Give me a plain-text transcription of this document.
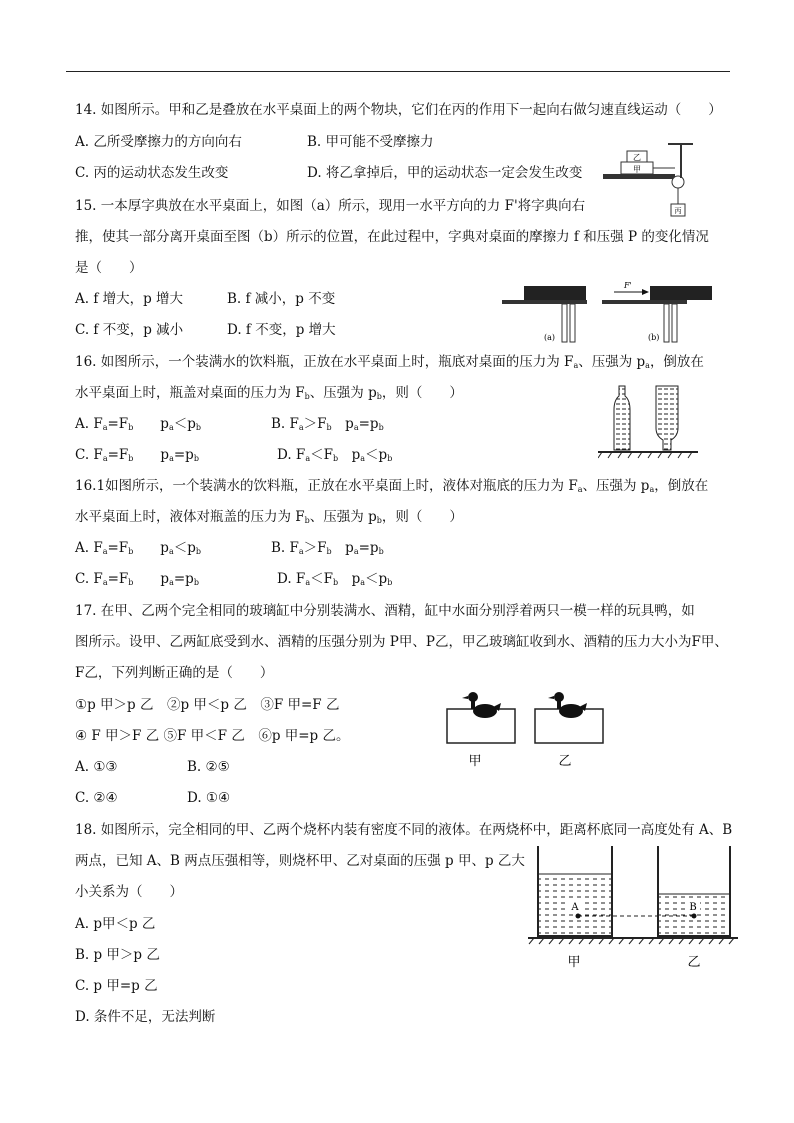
14. 如图所示。甲和乙是叠放在水平桌面上的两个物块，它们在丙的作用下一起向右做匀速直线运动（　　）
A. 乙所受摩擦力的方向向右	B. 甲可能不受摩擦力
C. 丙的运动状态发生改变	D. 将乙拿掉后，甲的运动状态一定会发生改变
乙
甲
丙
15. 一本厚字典放在水平桌面上，如图（a）所示，现用一水平方向的力 F'将字典向右
推，使其一部分离开桌面至图（b）所示的位置，在此过程中，字典对桌面的摩擦力 f 和压强 P 的变化情况
是（　　）
A. f 增大，p 增大	B. f 减小，p 不变
C. f 不变，p 减小	D. f 不变，p 增大	(a)
F'
(b)
16. 如图所示，一个装满水的饮料瓶，正放在水平桌面上时，瓶底对桌面的压力为 $F_a$、压强为 $p_a$，倒放在
水平桌面上时，瓶盖对桌面的压力为 $F_b$、压强为 $p_b$，则（　　）
A. $F_a=F_b$　　$p_a<p_b$	B. $F_a>F_b$　$p_a=p_b$
C. $F_a=F_b$　　$p_a=p_b$	D. $F_a<F_b$　$p_a<p_b$
16.1如图所示，一个装满水的饮料瓶，正放在水平桌面上时，液体对瓶底的压力为 $F_a$、压强为 $p_a$，倒放在
水平桌面上时，液体对瓶盖的压力为 $F_b$、压强为 $p_b$，则（　　）
A. $F_a=F_b$　　$p_a<p_b$	B. $F_a>F_b$　$p_a=p_b$
C. $F_a=F_b$　　$p_a=p_b$	D. $F_a<F_b$　$p_a<p_b$
17. 在甲、乙两个完全相同的玻璃缸中分别装满水、酒精，缸中水面分别浮着两只一模一样的玩具鸭，如
图所示。设甲、乙两缸底受到水、酒精的压强分别为 P甲、P乙，甲乙玻璃缸收到水、酒精的压力大小为F甲、
F乙，下列判断正确的是（　　）
①p 甲＞p 乙　②p 甲＜p 乙　③F 甲=F 乙
④ F 甲＞F 乙 ⑤F 甲＜F 乙　⑥p 甲=p 乙。
A. ①③	B. ②⑤
C. ②④	D. ①④
甲	乙
18. 如图所示，完全相同的甲、乙两个烧杯内装有密度不同的液体。在两烧杯中，距离杯底同一高度处有 A、B
两点，已知 A、B 两点压强相等，则烧杯甲、乙对桌面的压强 p 甲、p 乙大
小关系为（　　）
A. p甲＜p 乙
B. p 甲＞p 乙
C. p 甲=p 乙
D. 条件不足，无法判断
A	B
甲	乙
